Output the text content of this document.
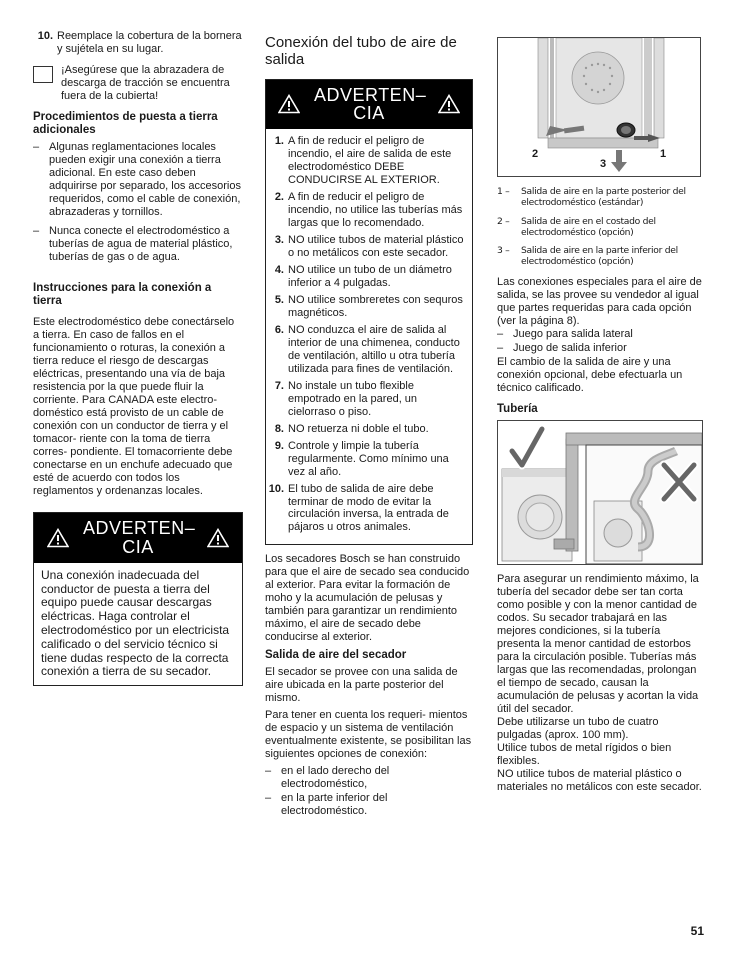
10. Reemplace la cobertura de la bornera y sujétela en su lugar.
¡Asegúrese que la abrazadera de descarga de tracción se encuentra fuera de la cubierta!
Procedimientos de puesta a tierra adicionales
– Algunas reglamentaciones locales pueden exigir una conexión a tierra adicional. En este caso deben adquirirse por separado, los accesorios requeridos, como el cable de conexión, abrazaderas y tornillos.
– Nunca conecte el electrodoméstico a tuberías de agua de material plástico, tuberías de gas o de agua.
Instrucciones para la conexión a tierra

Este electrodoméstico debe conectárselo a tierra. En caso de fallos en el funcionamiento o roturas, la conexión a tierra reduce el riesgo de descargas eléctricas, presentando una vía de baja resistencia por la que puede fluir la corriente. Para CANADA este electro- doméstico está provisto de un cable de conexión con un conductor de tierra y el tomacor- riente con la toma de tierra corres- pondiente. El tomacorriente debe conectarse en un enchufe adecuado que esté de acuerdo con todos los reglamentos y ordenanzas locales.

ADVERTEN– CIA

Una conexión inadecuada del conductor de puesta a tierra del equipo puede causar descargas eléctricas. Haga controlar el electrodoméstico por un electricista calificado o del servicio técnico si tiene dudas respecto de la correcta conexión a tierra de su secador.

Conexión del tubo de aire de salida
ADVERTEN– CIA
1. A fin de reducir el peligro de incendio, el aire de salida de este electrodoméstico DEBE CONDUCIRSE AL EXTERIOR.
2. A fin de reducir el peligro de incendio, no utilice las tuberías más largas que lo recomendado.
3. NO utilice tubos de material plástico o no metálicos con este secador.
4. NO utilice un tubo de un diámetro inferior a 4 pulgadas.
5. NO utilice sombreretes con sequros magnéticos.
6. NO conduzca el aire de salida al interior de una chimenea, conducto de ventilación, altillo u otra tubería utilizada para fines de ventilación.
7. No instale un tubo flexible empotrado en la pared, un cielorraso o piso.
8. NO retuerza ni doble el tubo.
9. Controle y limpie la tubería regularmente. Como mínimo una vez al año.
10. El tubo de salida de aire debe terminar de modo de evitar la circulación inversa, la entrada de pájaros u otros animales.

Los secadores Bosch se han construido para que el aire de secado sea conducido al exterior. Para evitar la formación de moho y la acumulación de pelusas y también para garantizar un rendimiento máximo, el aire de secado debe conducirse al exterior.

Salida de aire del secador

El secador se provee con una salida de aire ubicada en la parte posterior del mismo.

Para tener en cuenta los requeri- mientos de espacio y un sistema de ventilación eventualmente existente, se posibilitan las siguientes opciones de conexión:

– en el lado derecho del electrodoméstico,
– en la parte inferior del electrodoméstico.
2	1
3
1 –	Salida de aire en la parte posterior del electrodoméstico (estándar)
2 –	Salida de aire en el costado del electrodoméstico (opción)
3 –	Salida de aire en la parte inferior del electrodoméstico (opción)

Las conexiones especiales para el aire de salida, se las provee su vendedor al igual que partes requeridas para cada opción (ver la página 8).

– Juego para salida lateral
– Juego de salida inferior

El cambio de la salida de aire y una conexión opcional, debe efectuarla un técnico calificado.

Tubería

Para asegurar un rendimiento máximo, la tubería del secador debe ser tan corta como posible y con la menor cantidad de codos. Su secador trabajará en las mejores condiciones, si la tubería presenta la menor cantidad de estorbos para la circulación posible. Tuberías más largas que las recomendadas, prolongan el tiempo de secado, causan la acumulación de pelusas y acortan la vida útil del secador.

Debe utilizarse un tubo de cuatro pulgadas (aprox. 100 mm).

Utilice tubos de metal rígidos o bien flexibles.

NO utilice tubos de material plástico o materiales no metálicos con este secador.

51
